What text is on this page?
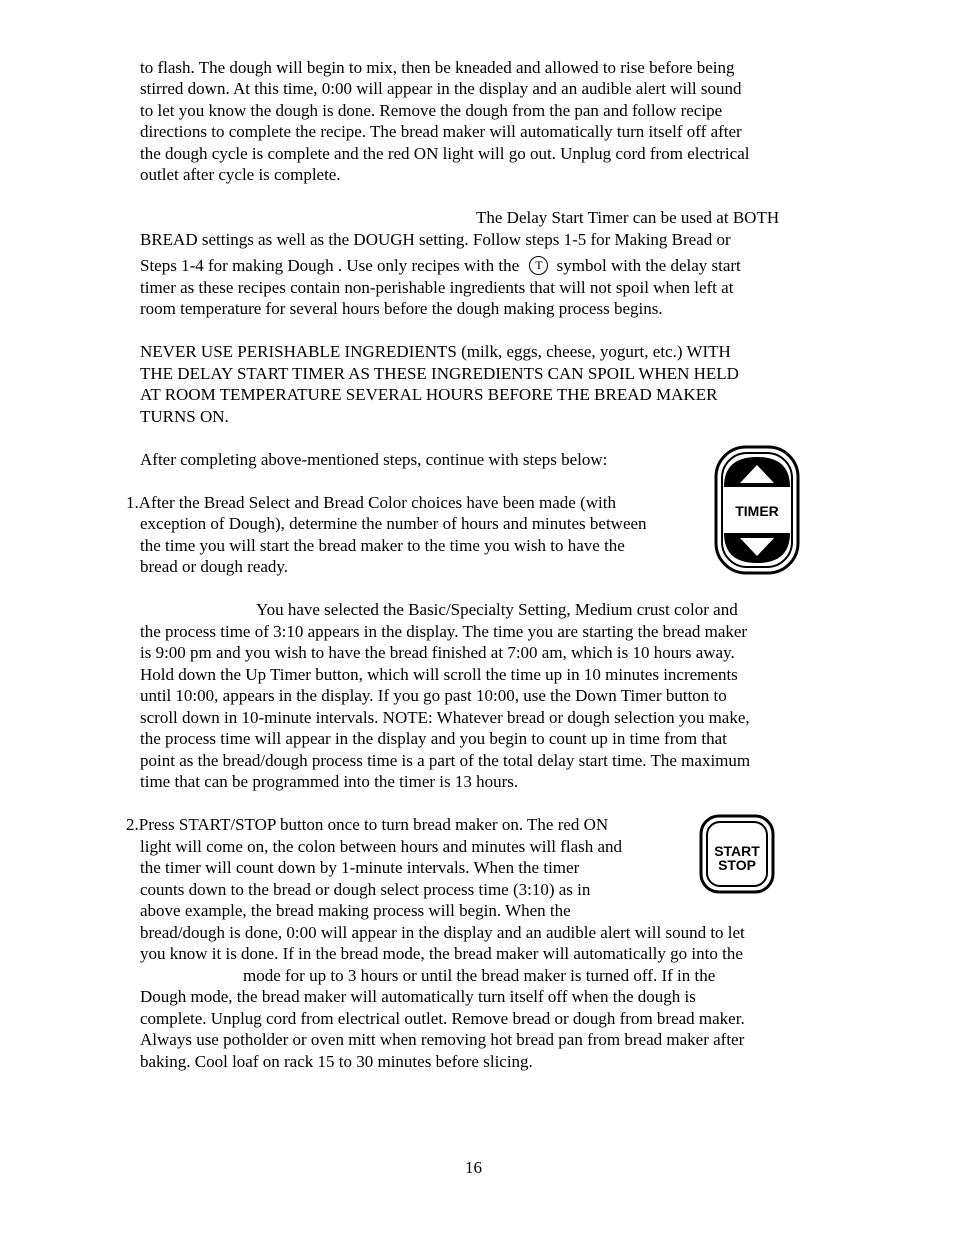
to flash. The dough will begin to mix, then be kneaded and allowed to rise before being
stirred down. At this time, 0:00 will appear in the display and an audible alert will sound
to let you know the dough is done. Remove the dough from the pan and follow recipe
directions to complete the recipe. The bread maker will automatically turn itself off after
the dough cycle is complete and the red ON light will go out. Unplug cord from electrical
outlet after cycle is complete.
The Delay Start Timer can be used at BOTH
BREAD settings as well as the DOUGH setting. Follow steps 1-5 for Making Bread or
Steps 1-4 for making Dough . Use only recipes with the T symbol with the delay start
timer as these recipes contain non-perishable ingredients that will not spoil when left at
room temperature for several hours before the dough making process begins.
NEVER USE PERISHABLE INGREDIENTS (milk, eggs, cheese, yogurt, etc.) WITH
THE DELAY START TIMER AS THESE INGREDIENTS CAN SPOIL WHEN HELD
AT ROOM TEMPERATURE SEVERAL HOURS BEFORE THE BREAD MAKER
TURNS ON.
After completing above-mentioned steps, continue with steps below:
TIMER
1.After the Bread Select and Bread Color choices have been made (with
exception of Dough), determine the number of hours and minutes between
the time you will start the bread maker to the time you wish to have the
bread or dough ready.
You have selected the Basic/Specialty Setting, Medium crust color and
the process time of 3:10 appears in the display. The time you are starting the bread maker
is 9:00 pm and you wish to have the bread finished at 7:00 am, which is 10 hours away.
Hold down the Up Timer button, which will scroll the time up in 10 minutes increments
until 10:00, appears in the display. If you go past 10:00, use the Down Timer button to
scroll down in 10-minute intervals. NOTE: Whatever bread or dough selection you make,
the process time will appear in the display and you begin to count up in time from that
point as the bread/dough process time is a part of the total delay start time. The maximum
time that can be programmed into the timer is 13 hours.
START
STOP
2.Press START/STOP button once to turn bread maker on. The red ON
light will come on, the colon between hours and minutes will flash and
the timer will count down by 1-minute intervals. When the timer
counts down to the bread or dough select process time (3:10) as in
above example, the bread making process will begin. When the
bread/dough is done, 0:00 will appear in the display and an audible alert will sound to let
you know it is done. If in the bread mode, the bread maker will automatically go into the
mode for up to 3 hours or until the bread maker is turned off. If in the
Dough mode, the bread maker will automatically turn itself off when the dough is
complete. Unplug cord from electrical outlet. Remove bread or dough from bread maker.
Always use potholder or oven mitt when removing hot bread pan from bread maker after
baking. Cool loaf on rack 15 to 30 minutes before slicing.
16
